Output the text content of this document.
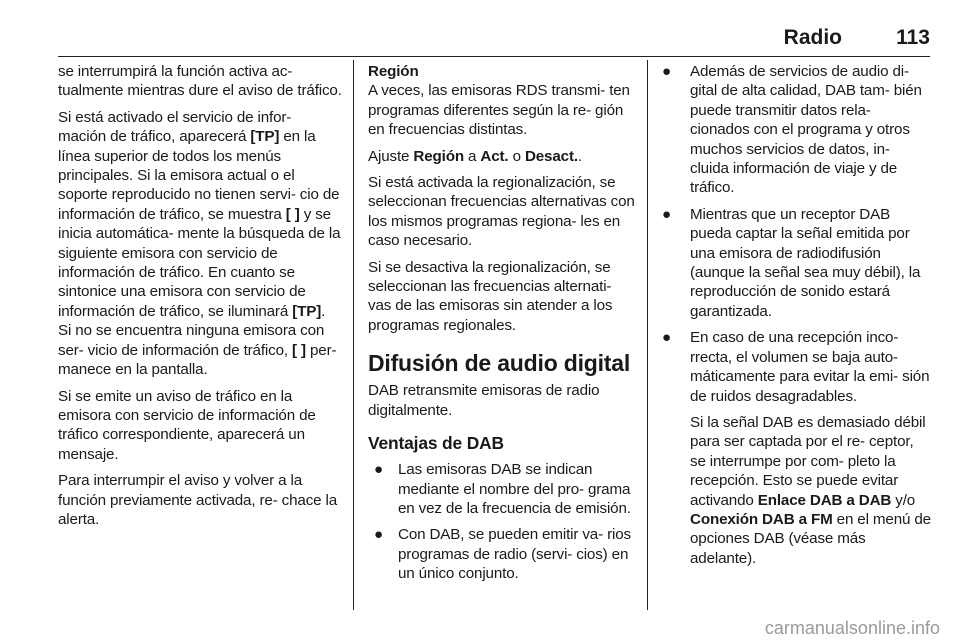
Radio	113

se interrumpirá la función activa ac- tualmente mientras dure el aviso de tráfico.

Si está activado el servicio de infor- mación de tráfico, aparecerá [TP] en la línea superior de todos los menús principales. Si la emisora actual o el soporte reproducido no tienen servi- cio de información de tráfico, se muestra [ ] y se inicia automática- mente la búsqueda de la siguiente emisora con servicio de información de tráfico. En cuanto se sintonice una emisora con servicio de información de tráfico, se iluminará [TP]. Si no se encuentra ninguna emisora con ser- vicio de información de tráfico, [ ] per- manece en la pantalla.

Si se emite un aviso de tráfico en la emisora con servicio de información de tráfico correspondiente, aparecerá un mensaje.

Para interrumpir el aviso y volver a la función previamente activada, re- chace la alerta.

Región

A veces, las emisoras RDS transmi- ten programas diferentes según la re- gión en frecuencias distintas.

Ajuste Región a Act. o Desact..

Si está activada la regionalización, se seleccionan frecuencias alternativas con los mismos programas regiona- les en caso necesario.

Si se desactiva la regionalización, se seleccionan las frecuencias alternati- vas de las emisoras sin atender a los programas regionales.

Difusión de audio digital

DAB retransmite emisoras de radio digitalmente.

Ventajas de DAB
● Las emisoras DAB se indican mediante el nombre del pro- grama en vez de la frecuencia de emisión.
● Con DAB, se pueden emitir va- rios programas de radio (servi- cios) en un único conjunto.
● Además de servicios de audio di- gital de alta calidad, DAB tam- bién puede transmitir datos rela- cionados con el programa y otros muchos servicios de datos, in- cluida información de viaje y de tráfico.
● Mientras que un receptor DAB pueda captar la señal emitida por una emisora de radiodifusión (aunque la señal sea muy débil), la reproducción de sonido estará garantizada.
● En caso de una recepción inco- rrecta, el volumen se baja auto- máticamente para evitar la emi- sión de ruidos desagradables.

Si la señal DAB es demasiado débil para ser captada por el re- ceptor, se interrumpe por com- pleto la recepción. Esto se puede evitar activando Enlace DAB a DAB y/o Conexión DAB a FM en el menú de opciones DAB (véase más adelante).

carmanualsonline.info
